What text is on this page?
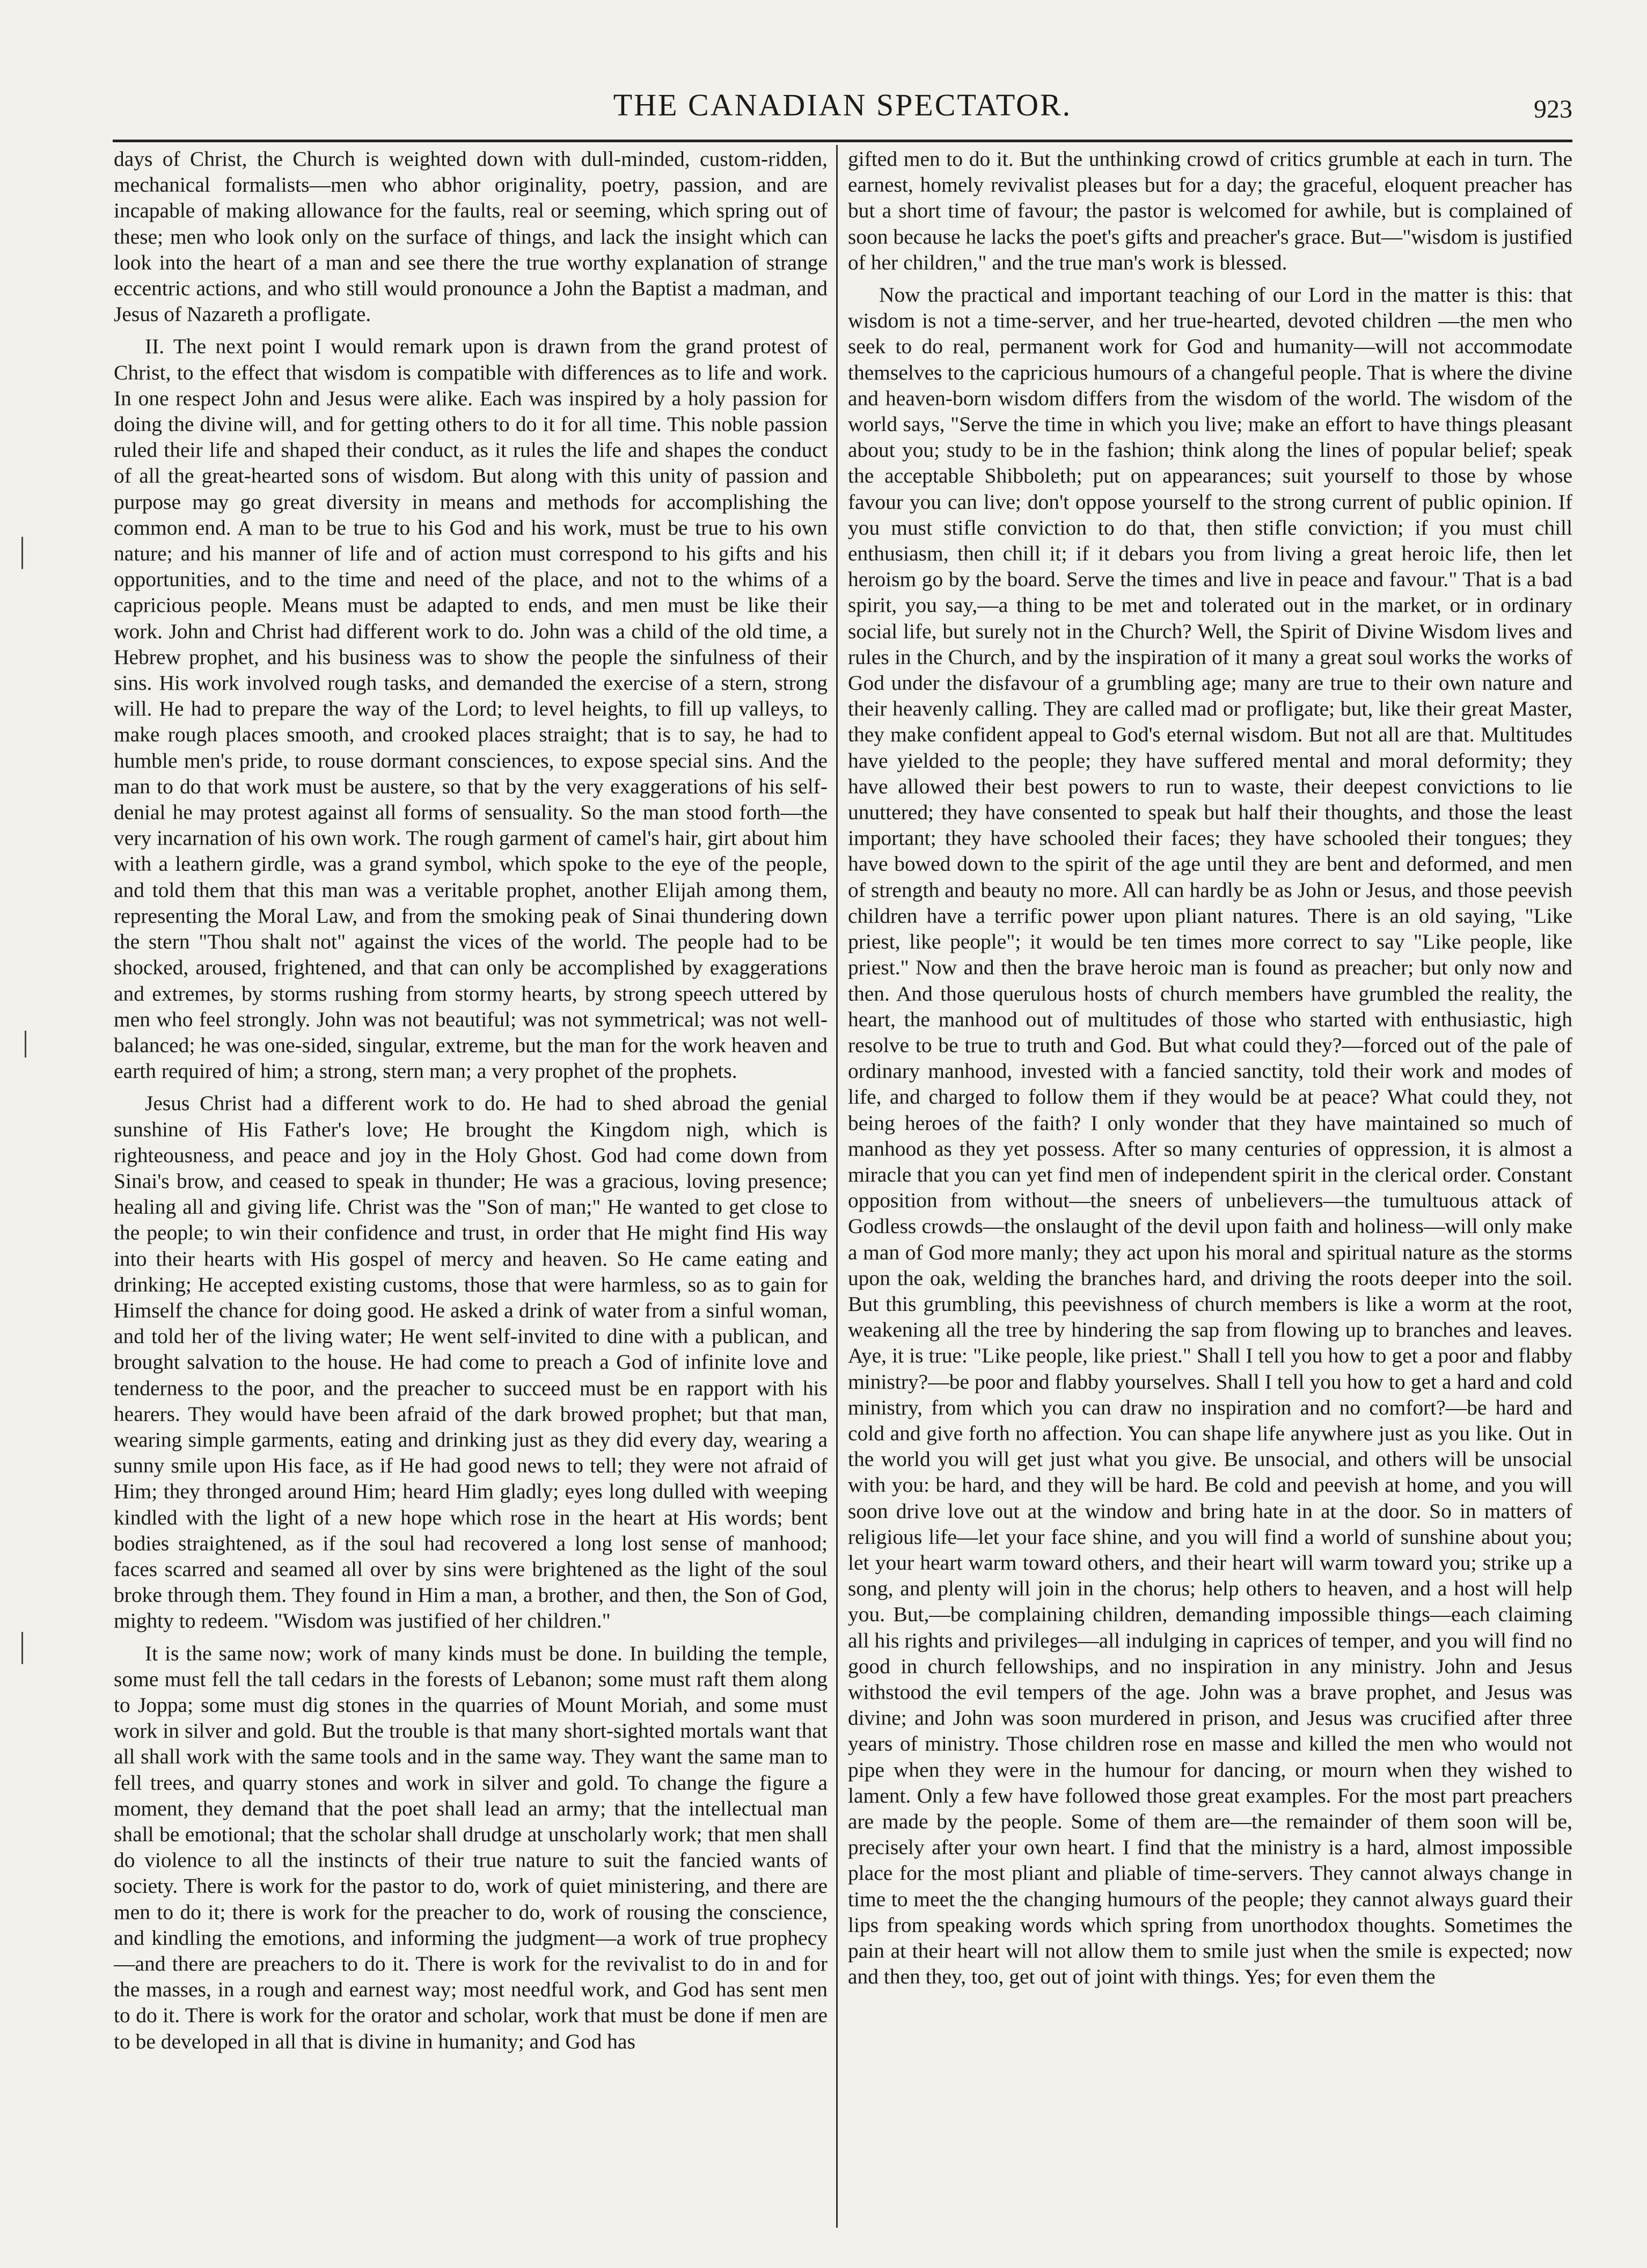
THE CANADIAN SPECTATOR.	923

days of Christ, the Church is weighted down with dull-minded, custom-ridden, mechanical formalists—men who abhor originality, poetry, passion, and are incapable of making allowance for the faults, real or seeming, which spring out of these; men who look only on the surface of things, and lack the insight which can look into the heart of a man and see there the true worthy explanation of strange eccentric actions, and who still would pronounce a John the Baptist a madman, and Jesus of Nazareth a profligate.

II. The next point I would remark upon is drawn from the grand protest of Christ, to the effect that wisdom is compatible with differences as to life and work. In one respect John and Jesus were alike. Each was inspired by a holy passion for doing the divine will, and for getting others to do it for all time. This noble passion ruled their life and shaped their conduct, as it rules the life and shapes the conduct of all the great-hearted sons of wisdom. But along with this unity of passion and purpose may go great diversity in means and methods for accomplishing the common end. A man to be true to his God and his work, must be true to his own nature; and his manner of life and of action must correspond to his gifts and his opportunities, and to the time and need of the place, and not to the whims of a capricious people. Means must be adapted to ends, and men must be like their work. John and Christ had different work to do. John was a child of the old time, a Hebrew prophet, and his business was to show the people the sinfulness of their sins. His work involved rough tasks, and demanded the exercise of a stern, strong will. He had to prepare the way of the Lord; to level heights, to fill up valleys, to make rough places smooth, and crooked places straight; that is to say, he had to humble men's pride, to rouse dormant consciences, to expose special sins. And the man to do that work must be austere, so that by the very exaggerations of his self-denial he may protest against all forms of sensuality. So the man stood forth—the very incarnation of his own work. The rough garment of camel's hair, girt about him with a leathern girdle, was a grand symbol, which spoke to the eye of the people, and told them that this man was a veritable prophet, another Elijah among them, representing the Moral Law, and from the smoking peak of Sinai thundering down the stern "Thou shalt not" against the vices of the world. The people had to be shocked, aroused, frightened, and that can only be accomplished by exaggerations and extremes, by storms rushing from stormy hearts, by strong speech uttered by men who feel strongly. John was not beautiful; was not symmetrical; was not well-balanced; he was one-sided, singular, extreme, but the man for the work heaven and earth required of him; a strong, stern man; a very prophet of the prophets.

Jesus Christ had a different work to do. He had to shed abroad the genial sunshine of His Father's love; He brought the Kingdom nigh, which is righteousness, and peace and joy in the Holy Ghost. God had come down from Sinai's brow, and ceased to speak in thunder; He was a gracious, loving presence; healing all and giving life. Christ was the "Son of man;" He wanted to get close to the people; to win their confidence and trust, in order that He might find His way into their hearts with His gospel of mercy and heaven. So He came eating and drinking; He accepted existing customs, those that were harmless, so as to gain for Himself the chance for doing good. He asked a drink of water from a sinful woman, and told her of the living water; He went self-invited to dine with a publican, and brought salvation to the house. He had come to preach a God of infinite love and tenderness to the poor, and the preacher to succeed must be en rapport with his hearers. They would have been afraid of the dark browed prophet; but that man, wearing simple garments, eating and drinking just as they did every day, wearing a sunny smile upon His face, as if He had good news to tell; they were not afraid of Him; they thronged around Him; heard Him gladly; eyes long dulled with weeping kindled with the light of a new hope which rose in the heart at His words; bent bodies straightened, as if the soul had recovered a long lost sense of manhood; faces scarred and seamed all over by sins were brightened as the light of the soul broke through them. They found in Him a man, a brother, and then, the Son of God, mighty to redeem. "Wisdom was justified of her children."

It is the same now; work of many kinds must be done. In building the temple, some must fell the tall cedars in the forests of Lebanon; some must raft them along to Joppa; some must dig stones in the quarries of Mount Moriah, and some must work in silver and gold. But the trouble is that many short-sighted mortals want that all shall work with the same tools and in the same way. They want the same man to fell trees, and quarry stones and work in silver and gold. To change the figure a moment, they demand that the poet shall lead an army; that the intellectual man shall be emotional; that the scholar shall drudge at unscholarly work; that men shall do violence to all the instincts of their true nature to suit the fancied wants of society. There is work for the pastor to do, work of quiet ministering, and there are men to do it; there is work for the preacher to do, work of rousing the conscience, and kindling the emotions, and informing the judgment—a work of true prophecy—and there are preachers to do it. There is work for the revivalist to do in and for the masses, in a rough and earnest way; most needful work, and God has sent men to do it. There is work for the orator and scholar, work that must be done if men are to be developed in all that is divine in humanity; and God has

gifted men to do it. But the unthinking crowd of critics grumble at each in turn. The earnest, homely revivalist pleases but for a day; the graceful, eloquent preacher has but a short time of favour; the pastor is welcomed for awhile, but is complained of soon because he lacks the poet's gifts and preacher's grace. But—"wisdom is justified of her children," and the true man's work is blessed.

Now the practical and important teaching of our Lord in the matter is this: that wisdom is not a time-server, and her true-hearted, devoted children —the men who seek to do real, permanent work for God and humanity—will not accommodate themselves to the capricious humours of a changeful people. That is where the divine and heaven-born wisdom differs from the wisdom of the world. The wisdom of the world says, "Serve the time in which you live; make an effort to have things pleasant about you; study to be in the fashion; think along the lines of popular belief; speak the acceptable Shibboleth; put on appearances; suit yourself to those by whose favour you can live; don't oppose yourself to the strong current of public opinion. If you must stifle conviction to do that, then stifle conviction; if you must chill enthusiasm, then chill it; if it debars you from living a great heroic life, then let heroism go by the board. Serve the times and live in peace and favour." That is a bad spirit, you say,—a thing to be met and tolerated out in the market, or in ordinary social life, but surely not in the Church? Well, the Spirit of Divine Wisdom lives and rules in the Church, and by the inspiration of it many a great soul works the works of God under the disfavour of a grumbling age; many are true to their own nature and their heavenly calling. They are called mad or profligate; but, like their great Master, they make confident appeal to God's eternal wisdom. But not all are that. Multitudes have yielded to the people; they have suffered mental and moral deformity; they have allowed their best powers to run to waste, their deepest convictions to lie unuttered; they have consented to speak but half their thoughts, and those the least important; they have schooled their faces; they have schooled their tongues; they have bowed down to the spirit of the age until they are bent and deformed, and men of strength and beauty no more. All can hardly be as John or Jesus, and those peevish children have a terrific power upon pliant natures. There is an old saying, "Like priest, like people"; it would be ten times more correct to say "Like people, like priest." Now and then the brave heroic man is found as preacher; but only now and then. And those querulous hosts of church members have grumbled the reality, the heart, the manhood out of multitudes of those who started with enthusiastic, high resolve to be true to truth and God. But what could they?—forced out of the pale of ordinary manhood, invested with a fancied sanctity, told their work and modes of life, and charged to follow them if they would be at peace? What could they, not being heroes of the faith? I only wonder that they have maintained so much of manhood as they yet possess. After so many centuries of oppression, it is almost a miracle that you can yet find men of independent spirit in the clerical order. Constant opposition from without—the sneers of unbelievers—the tumultuous attack of Godless crowds—the onslaught of the devil upon faith and holiness—will only make a man of God more manly; they act upon his moral and spiritual nature as the storms upon the oak, welding the branches hard, and driving the roots deeper into the soil. But this grumbling, this peevishness of church members is like a worm at the root, weakening all the tree by hindering the sap from flowing up to branches and leaves. Aye, it is true: "Like people, like priest." Shall I tell you how to get a poor and flabby ministry?—be poor and flabby yourselves. Shall I tell you how to get a hard and cold ministry, from which you can draw no inspiration and no comfort?—be hard and cold and give forth no affection. You can shape life anywhere just as you like. Out in the world you will get just what you give. Be unsocial, and others will be unsocial with you: be hard, and they will be hard. Be cold and peevish at home, and you will soon drive love out at the window and bring hate in at the door. So in matters of religious life—let your face shine, and you will find a world of sunshine about you; let your heart warm toward others, and their heart will warm toward you; strike up a song, and plenty will join in the chorus; help others to heaven, and a host will help you. But,—be complaining children, demanding impossible things—each claiming all his rights and privileges—all indulging in caprices of temper, and you will find no good in church fellowships, and no inspiration in any ministry. John and Jesus withstood the evil tempers of the age. John was a brave prophet, and Jesus was divine; and John was soon murdered in prison, and Jesus was crucified after three years of ministry. Those children rose en masse and killed the men who would not pipe when they were in the humour for dancing, or mourn when they wished to lament. Only a few have followed those great examples. For the most part preachers are made by the people. Some of them are—the remainder of them soon will be, precisely after your own heart. I find that the ministry is a hard, almost impossible place for the most pliant and pliable of time-servers. They cannot always change in time to meet the the changing humours of the people; they cannot always guard their lips from speaking words which spring from unorthodox thoughts. Sometimes the pain at their heart will not allow them to smile just when the smile is expected; now and then they, too, get out of joint with things. Yes; for even them the
